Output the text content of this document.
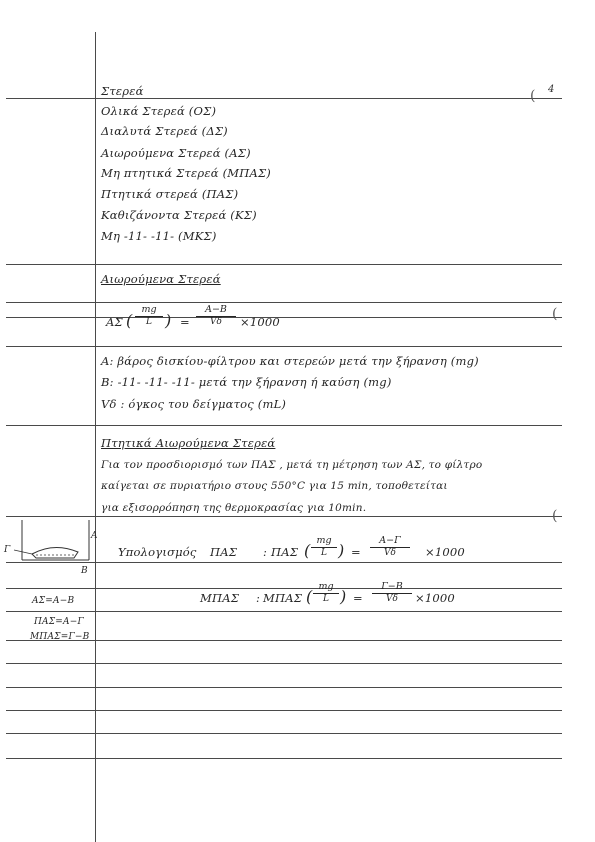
4
(
(
(
Στερεά
Ολικά Στερεά (ΟΣ)
Διαλυτά Στερεά (ΔΣ)
Αιωρούμενα Στερεά (ΑΣ)
Μη πτητικά Στερεά (ΜΠΑΣ)
Πτητικά στερεά (ΠΑΣ)
Καθιζάνοντα Στερεά (ΚΣ)
Μη -11- -11- (ΜΚΣ)
Αιωρούμενα Στερεά
ΑΣ ( $\frac{mg}{L}$ ) = $\frac{A-B}{V\delta} \times 1000$
Α: βάρος δισκίου-φίλτρου και στερεών μετά την ξήρανση (mg)
Β: -11- -11- -11- μετά την ξήρανση ή καύση (mg)
Vδ : όγκος του δείγματος (mL)
Πτητικά Αιωρούμενα Στερεά
Για τον προσδιορισμό των ΠΑΣ , μετά τη μέτρηση των ΑΣ, το φίλτρο
καίγεται σε πυριατήριο στους 550°C για 15 min, τοποθετείται
για εξισορρόπηση της θερμοκρασίας για 10min.
Υπολογισμός ΠΑΣ : ΠΑΣ ( $\frac{mg}{L}$ ) = $\frac{A-\Gamma}{V\delta} \times 1000$
ΜΠΑΣ : ΜΠΑΣ ( $\frac{mg}{L}$ ) = $\frac{\Gamma-B}{V\delta} \times 1000$
Γ
Α
Β
ΑΣ=Α−Β
ΠΑΣ=Α−Γ
ΜΠΑΣ=Γ−Β
